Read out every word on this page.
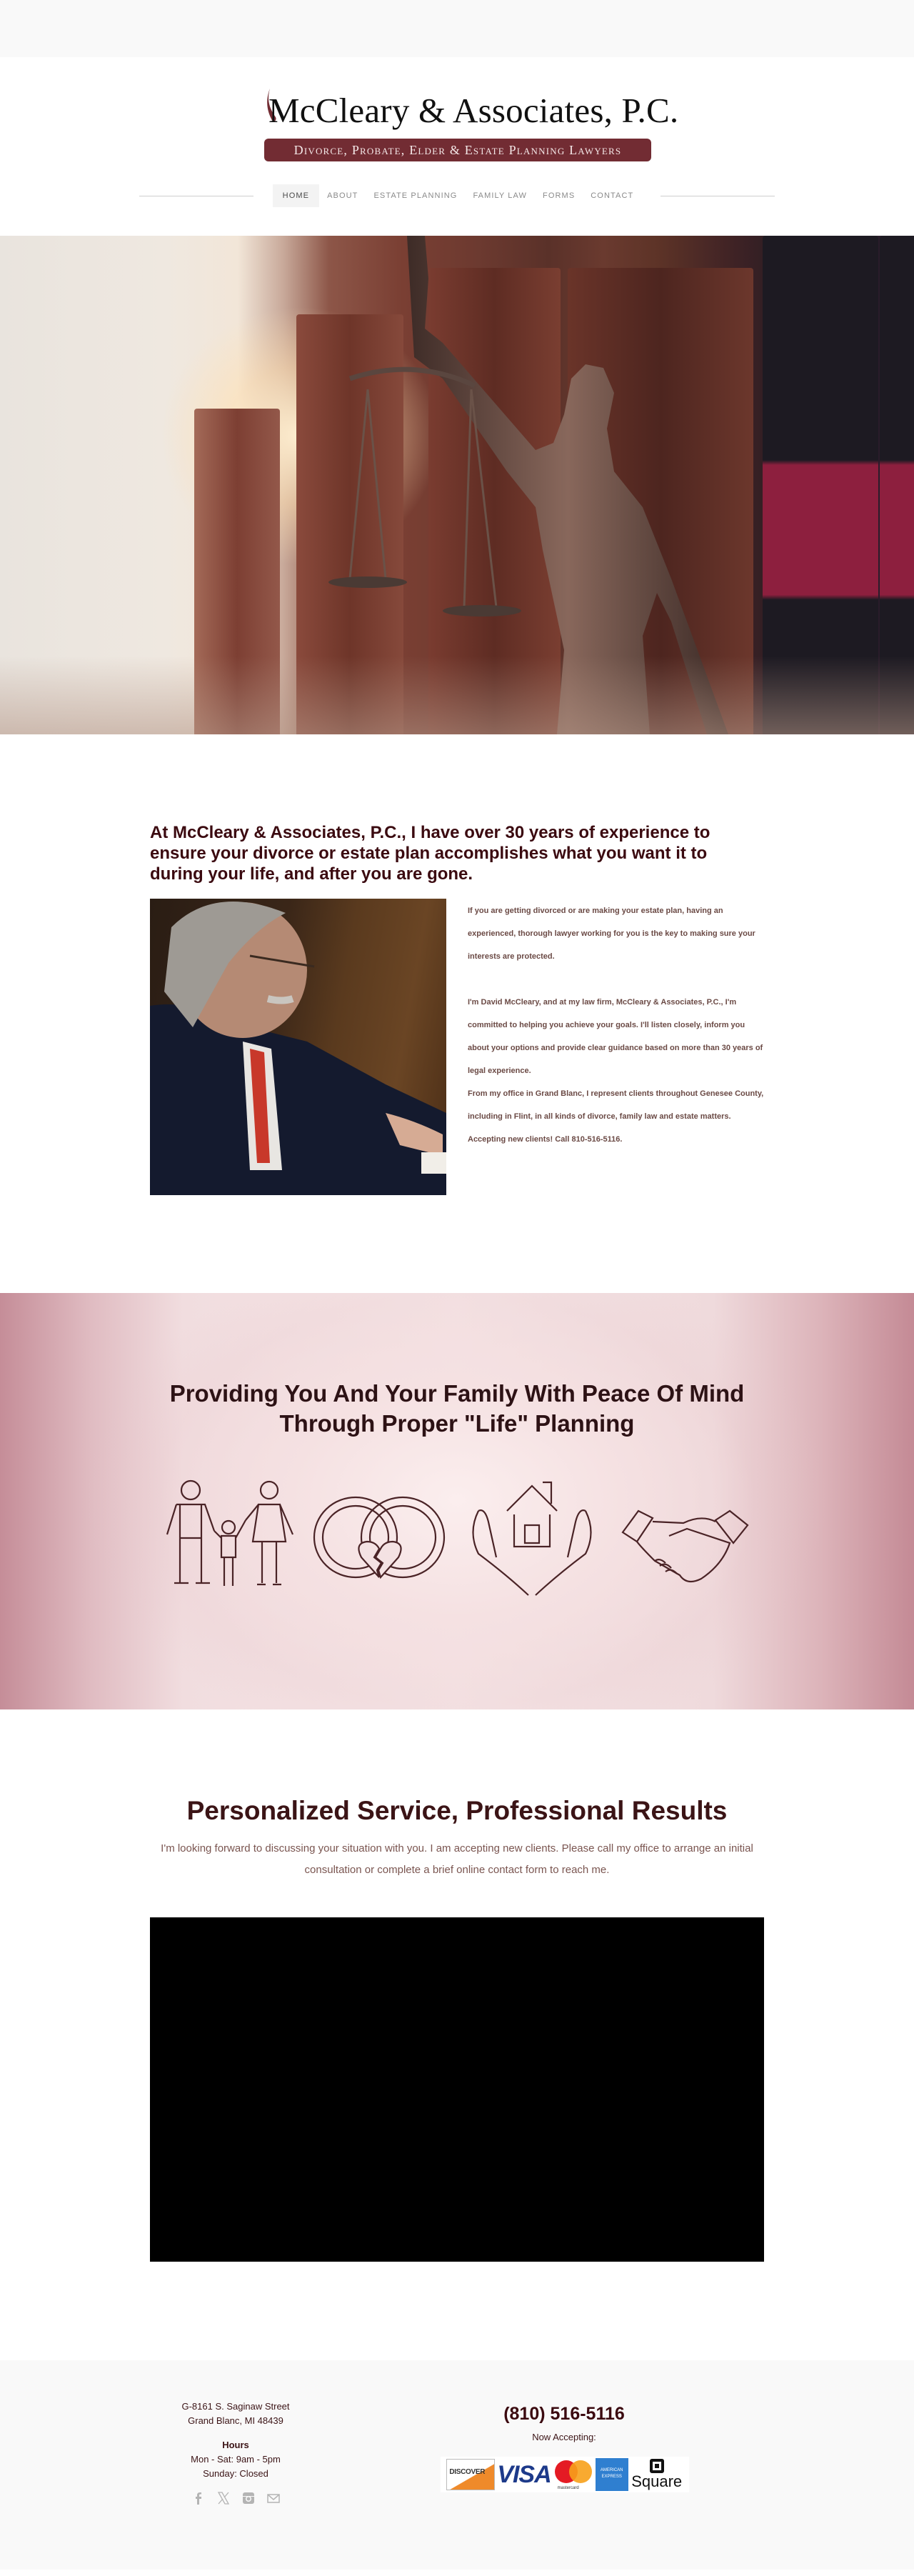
McCleary & Associates, P.C.
Divorce, Probate, Elder & Estate Planning Lawyers
HOME	ABOUT	ESTATE PLANNING	FAMILY LAW	FORMS	CONTACT
At McCleary & Associates, P.C., I have over 30 years of experience to ensure your divorce or estate plan accomplishes what you want it to during your life, and after you are gone.

If you are getting divorced or are making your estate plan, having an experienced, thorough lawyer working for you is the key to making sure your interests are protected.

I'm David McCleary, and at my law firm, McCleary & Associates, P.C., I'm committed to helping you achieve your goals. I'll listen closely, inform you about your options and provide clear guidance based on more than 30 years of legal experience.

From my office in Grand Blanc, I represent clients throughout Genesee County, including in Flint, in all kinds of divorce, family law and estate matters. Accepting new clients! Call 810-516-5116.

Providing You And Your Family With Peace Of Mind
Through Proper "Life" Planning
Personalized Service, Professional Results

I'm looking forward to discussing your situation with you. I am accepting new clients. Please call my office to arrange an initial consultation or complete a brief online contact form to reach me.

G-8161 S. Saginaw Street
Grand Blanc, MI 48439
Hours
Mon - Sat: 9am - 5pm
Sunday: Closed
(810) 516-5116
Now Accepting:
DISCOVER VISA
mastercard
AMERICAN
EXPRESS Square
